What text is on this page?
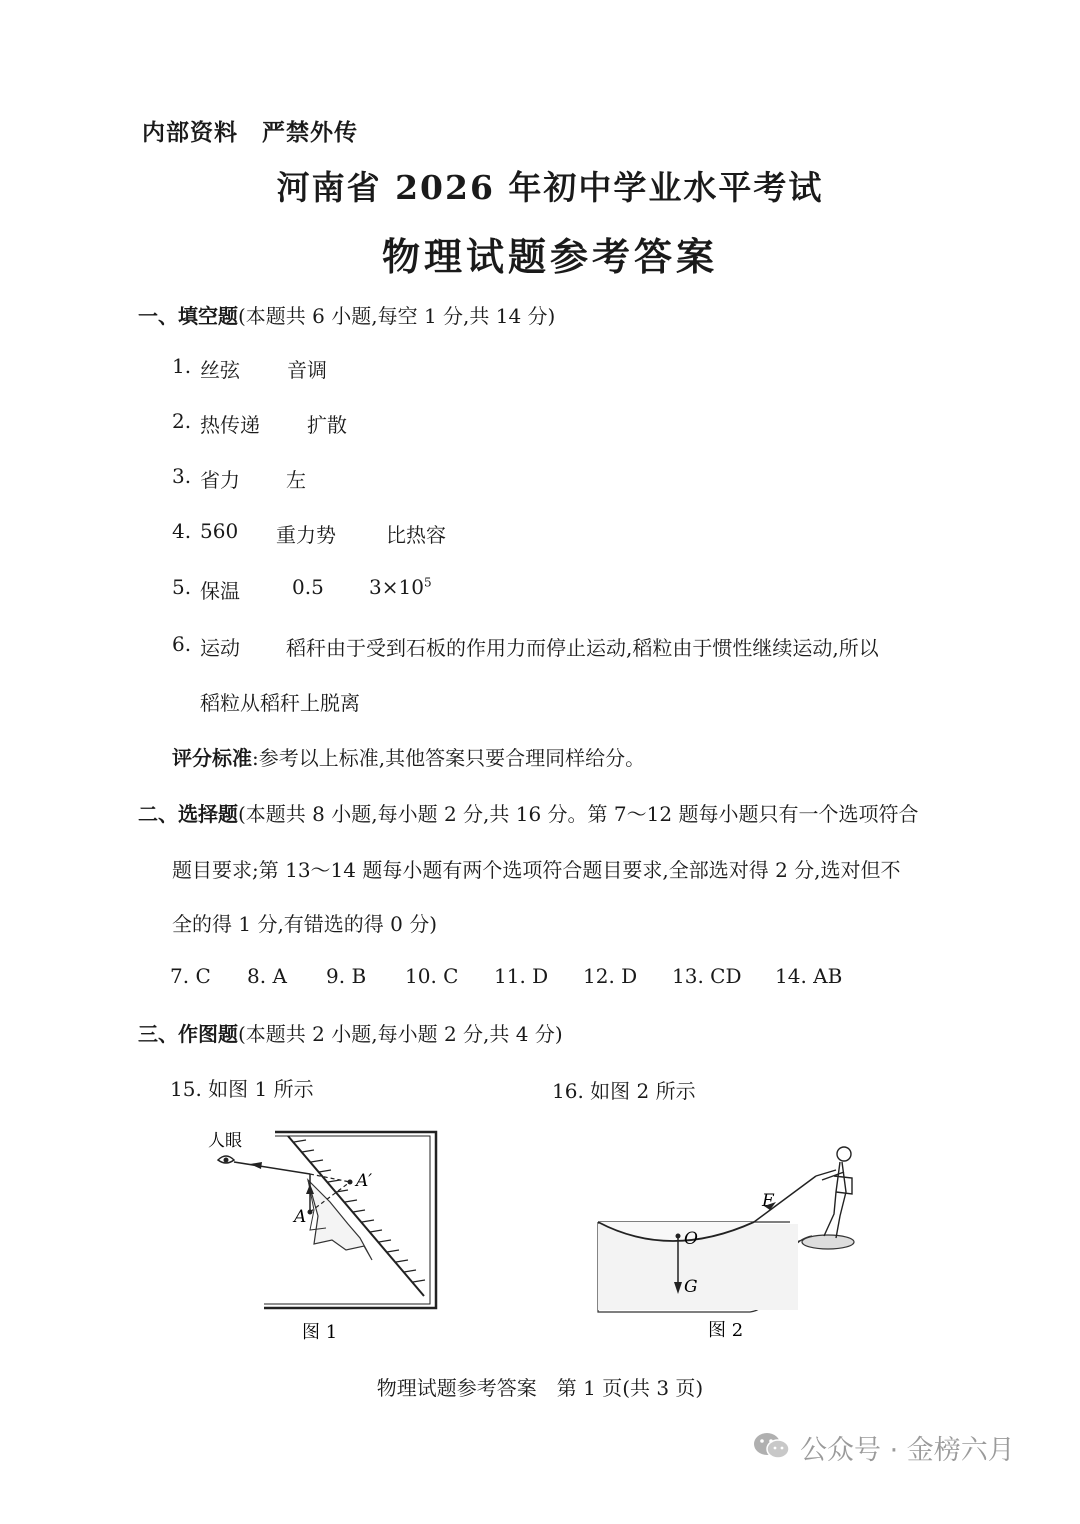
内部资料　严禁外传
河南省 2026 年初中学业水平考试
物理试题参考答案
一、填空题(本题共 6 小题,每空 1 分,共 14 分)
1. 丝弦 音调
2. 热传递 扩散
3. 省力 左
4. 560 重力势	比热容
5. 保温	0.5 $3\times 10^5$
6. 运动 稻秆由于受到石板的作用力而停止运动,稻粒由于惯性继续运动,所以
稻粒从稻秆上脱离
评分标准:参考以上标准,其他答案只要合理同样给分。
二、选择题(本题共 8 小题,每小题 2 分,共 16 分。第 7～12 题每小题只有一个选项符合
题目要求;第 13～14 题每小题有两个选项符合题目要求,全部选对得 2 分,选对但不
全的得 1 分,有错选的得 0 分)
7. C 8. A 9. B 10. C 11. D 12. D 13. CD 14. AB
三、作图题(本题共 2 小题,每小题 2 分,共 4 分)
15. 如图 1 所示	16. 如图 2 所示
人眼
A
A′
图 1
F
O
G
图 2
物理试题参考答案　第 1 页(共 3 页)
公众号 · 金榜六月
